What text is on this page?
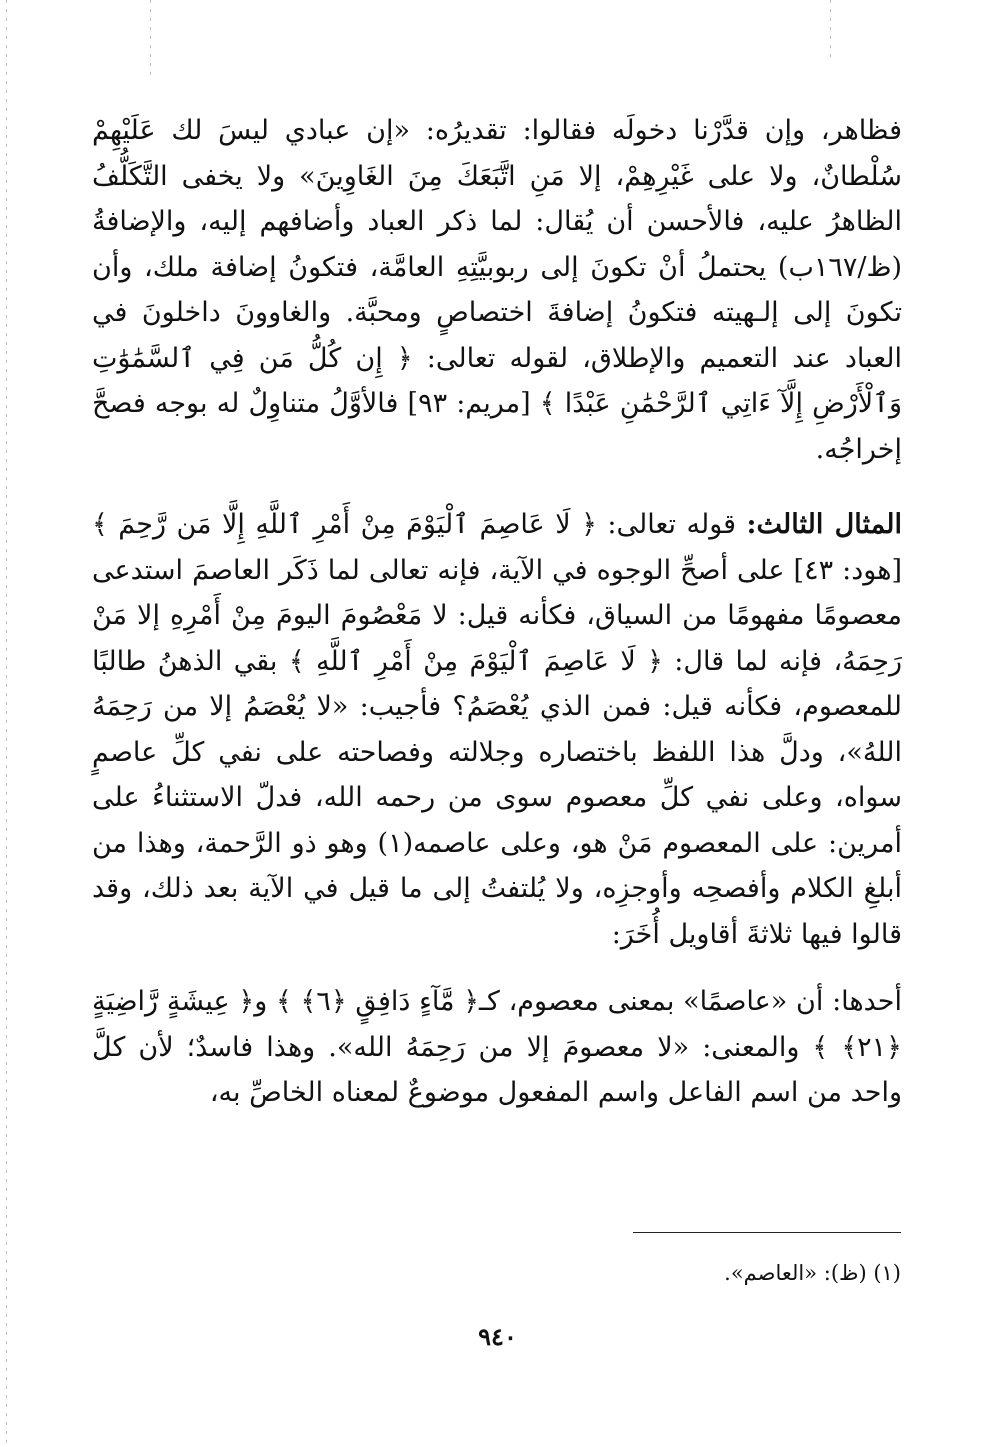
فظاهر، وإن قدَّرْنا دخولَه فقالوا: تقديرُه: «إن عبادي ليسَ لك عَلَيْهِمْ سُلْطانٌ، ولا على غَيْرِهِمْ، إلا مَنِ اتَّبَعَكَ مِنَ الغَاوِينَ» ولا يخفى التَّكَلُّفُ الظاهرُ عليه، فالأحسن أن يُقال: لما ذكر العباد وأضافهم إليه، والإضافةُ (ظ/١٦٧ب) يحتملُ أنْ تكونَ إلى ربوبيَّتِهِ العامَّة، فتكونُ إضافة ملك، وأن تكونَ إلى إلـهيته فتكونُ إضافةَ اختصاصٍ ومحبَّة. والغاوونَ داخلونَ في العباد عند التعميم والإطلاق، لقوله تعالى: ﴿ إِن كُلُّ مَن فِي ٱلسَّمَٰوَٰتِ وَٱلْأَرْضِ إِلَّآ ءَاتِي ٱلرَّحْمَٰنِ عَبْدًا ﴾ [مريم: ٩٣] فالأوَّلُ متناوِلٌ له بوجه فصحَّ إخراجُه.

المثال الثالث: قوله تعالى: ﴿ لَا عَاصِمَ ٱلْيَوْمَ مِنْ أَمْرِ ٱللَّهِ إِلَّا مَن رَّحِمَ ﴾ [هود: ٤٣] على أصحِّ الوجوه في الآية، فإنه تعالى لما ذَكَر العاصمَ استدعى معصومًا مفهومًا من السياق، فكأنه قيل: لا مَعْصُومَ اليومَ مِنْ أَمْرِهِ إلا مَنْ رَحِمَهُ، فإنه لما قال: ﴿ لَا عَاصِمَ ٱلْيَوْمَ مِنْ أَمْرِ ٱللَّهِ ﴾ بقي الذهنُ طالبًا للمعصوم، فكأنه قيل: فمن الذي يُعْصَمُ؟ فأجيب: «لا يُعْصَمُ إلا من رَحِمَهُ اللهُ»، ودلَّ هذا اللفظ باختصاره وجلالته وفصاحته على نفي كلِّ عاصمٍ سواه، وعلى نفي كلِّ معصوم سوى من رحمه الله، فدلّ الاستثناءُ على أمرين: على المعصوم مَنْ هو، وعلى عاصمه(١) وهو ذو الرَّحمة، وهذا من أبلغِ الكلام وأفصحِه وأوجزِه، ولا يُلتفتُ إلى ما قيل في الآية بعد ذلك، وقد قالوا فيها ثلاثةَ أقاويل أُخَرَ:

أحدها: أن «عاصمًا» بمعنى معصوم، كـ﴿ مَّآءٍ دَافِقٍ ﴿٦﴾ ﴾ و﴿ عِيشَةٍ رَّاضِيَةٍ ﴿٢١﴾ ﴾ والمعنى: «لا معصومَ إلا من رَحِمَهُ الله». وهذا فاسدٌ؛ لأن كلَّ واحد من اسم الفاعل واسم المفعول موضوعٌ لمعناه الخاصِّ به،

(١) (ظ): «العاصم».
٩٤٠
